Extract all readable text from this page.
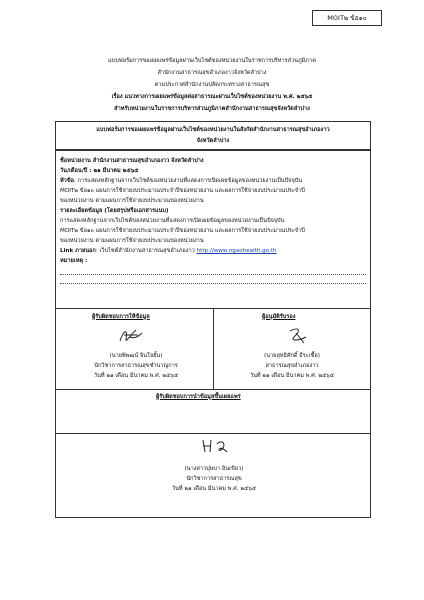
MOIT๒ ข้อ๑๐
แบบฟอร์มการขอเผยแพร่ข้อมูลผ่านเว็บไซต์ของหน่วยงานในราชการบริหารส่วนภูมิภาค
สำนักงานสาธารณสุขอำเภองาวจังหวัดลำปาง
ตามประกาศสำนักงานปลัดกระทรวงสาธารณสุข
เรื่อง แนวทางการเผยแพร่ข้อมูลต่อสาธารณะผ่านเว็บไซต์ของหน่วยงาน พ.ศ. ๒๕๖๕
สำหรับหน่วยงานในราชการบริหารส่วนภูมิภาคสำนักงานสาธารณสุขจังหวัดลำปาง
แบบฟอร์มการขอเผยแพร่ข้อมูลผ่านเว็บไซต์ของหน่วยงานในสังกัดสำนักงานสาธารณสุขอำเภองาว
จังหวัดลำปาง
ชื่อหน่วยงาน สำนักงานสาธารณสุขอำเภองาว จังหวัดลำปาง
วัน/เดือน/ปี : ๒๑ มีนาคม ๒๕๖๕
หัวข้อ: การแสดงหลักฐานจากเว็บไซต์ของหน่วยงานที่แสดงการเปิดเผยข้อมูลของหน่วยงานเป็นปัจจุบัน
MOIT๒ ข้อ๑๐ แผนการใช้จ่ายงบประมาณประจำปีของหน่วยงาน และผลการใช้จ่ายงบประมาณประจำปี
ของหน่วยงาน ตามแผนการใช้จ่ายงบประมาณของหน่วยงาน
รายละเอียดข้อมูล (โดยสรุปหรือเอกสารแนบ)
การแสดงหลักฐานจากเว็บไซต์ของหน่วยงานที่แสดงการเปิดเผยข้อมูลของหน่วยงานเป็นปัจจุบัน
MOIT๒ ข้อ๑๐ แผนการใช้จ่ายงบประมาณประจำปีของหน่วยงาน และผลการใช้จ่ายงบประมาณประจำปี
ของหน่วยงาน ตามแผนการใช้จ่ายงบประมาณของหน่วยงาน
Link ภายนอก: เว็บไซต์สำนักงานสาธารณสุขอำเภองาว http://www.ngaohealth.go.th
หมายเหตุ :
ผู้รับผิดชอบการให้ข้อมูล	ผู้อนุมัติรับรอง
(นายพิพฒน์ จินใจยั้น)
นักวิชาการสาธารณสุขชำนาญการ
วันที่ ๒๑ เดือน มีนาคม พ.ศ. ๒๕๖๕
(นายสุทธิศักดิ์ ธีระเชื้อ)
สาธารณสุขอำเภองาว
วันที่ ๒๑ เดือน มีนาคม พ.ศ. ๒๕๖๕
ผู้รับผิดชอบการนำข้อมูลขึ้นเผยแพร่
(นางสาวปุษบา อินเขียว)
นักวิชาการสาธารณสุข
วันที่ ๒๑ เดือน มีนาคม พ.ศ. ๒๕๖๕
